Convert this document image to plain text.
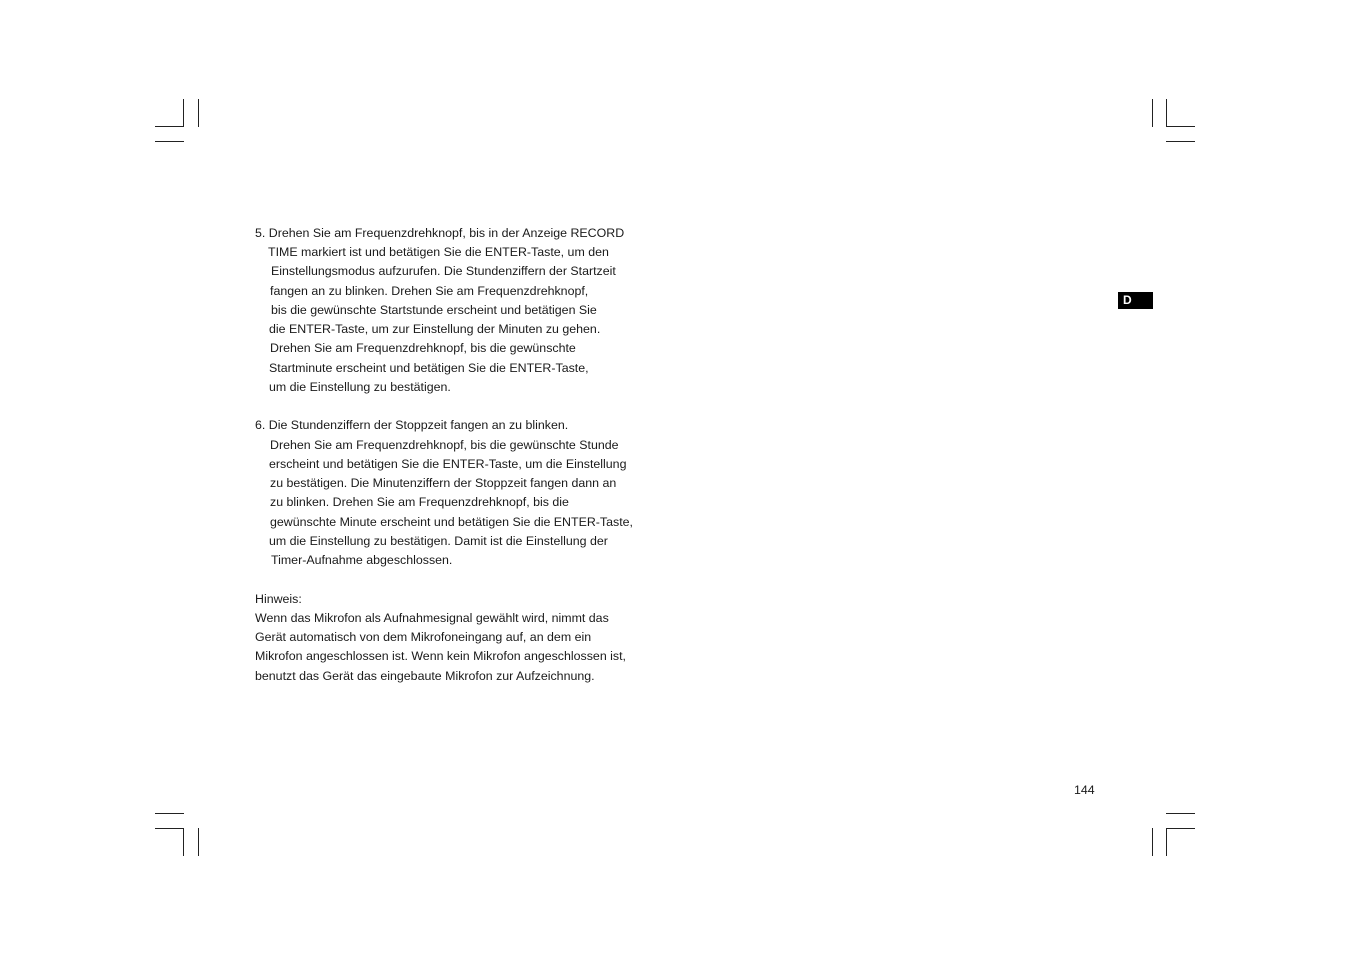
D
5. Drehen Sie am Frequenzdrehknopf, bis in der Anzeige RECORD
TIME markiert ist und betätigen Sie die ENTER-Taste, um den
Einstellungsmodus aufzurufen. Die Stundenziffern der Startzeit
fangen an zu blinken. Drehen Sie am Frequenzdrehknopf,
bis die gewünschte Startstunde erscheint und betätigen Sie
die ENTER-Taste, um zur Einstellung der Minuten zu gehen.
Drehen Sie am Frequenzdrehknopf, bis die gewünschte
Startminute erscheint und betätigen Sie die ENTER-Taste,
um die Einstellung zu bestätigen.
6. Die Stundenziffern der Stoppzeit fangen an zu blinken.
Drehen Sie am Frequenzdrehknopf, bis die gewünschte Stunde
erscheint und betätigen Sie die ENTER-Taste, um die Einstellung
zu bestätigen. Die Minutenziffern der Stoppzeit fangen dann an
zu blinken. Drehen Sie am Frequenzdrehknopf, bis die
gewünschte Minute erscheint und betätigen Sie die ENTER-Taste,
um die Einstellung zu bestätigen. Damit ist die Einstellung der
Timer-Aufnahme abgeschlossen.
Hinweis:
Wenn das Mikrofon als Aufnahmesignal gewählt wird, nimmt das
Gerät automatisch von dem Mikrofoneingang auf, an dem ein
Mikrofon angeschlossen ist. Wenn kein Mikrofon angeschlossen ist,
benutzt das Gerät das eingebaute Mikrofon zur Aufzeichnung.
144
